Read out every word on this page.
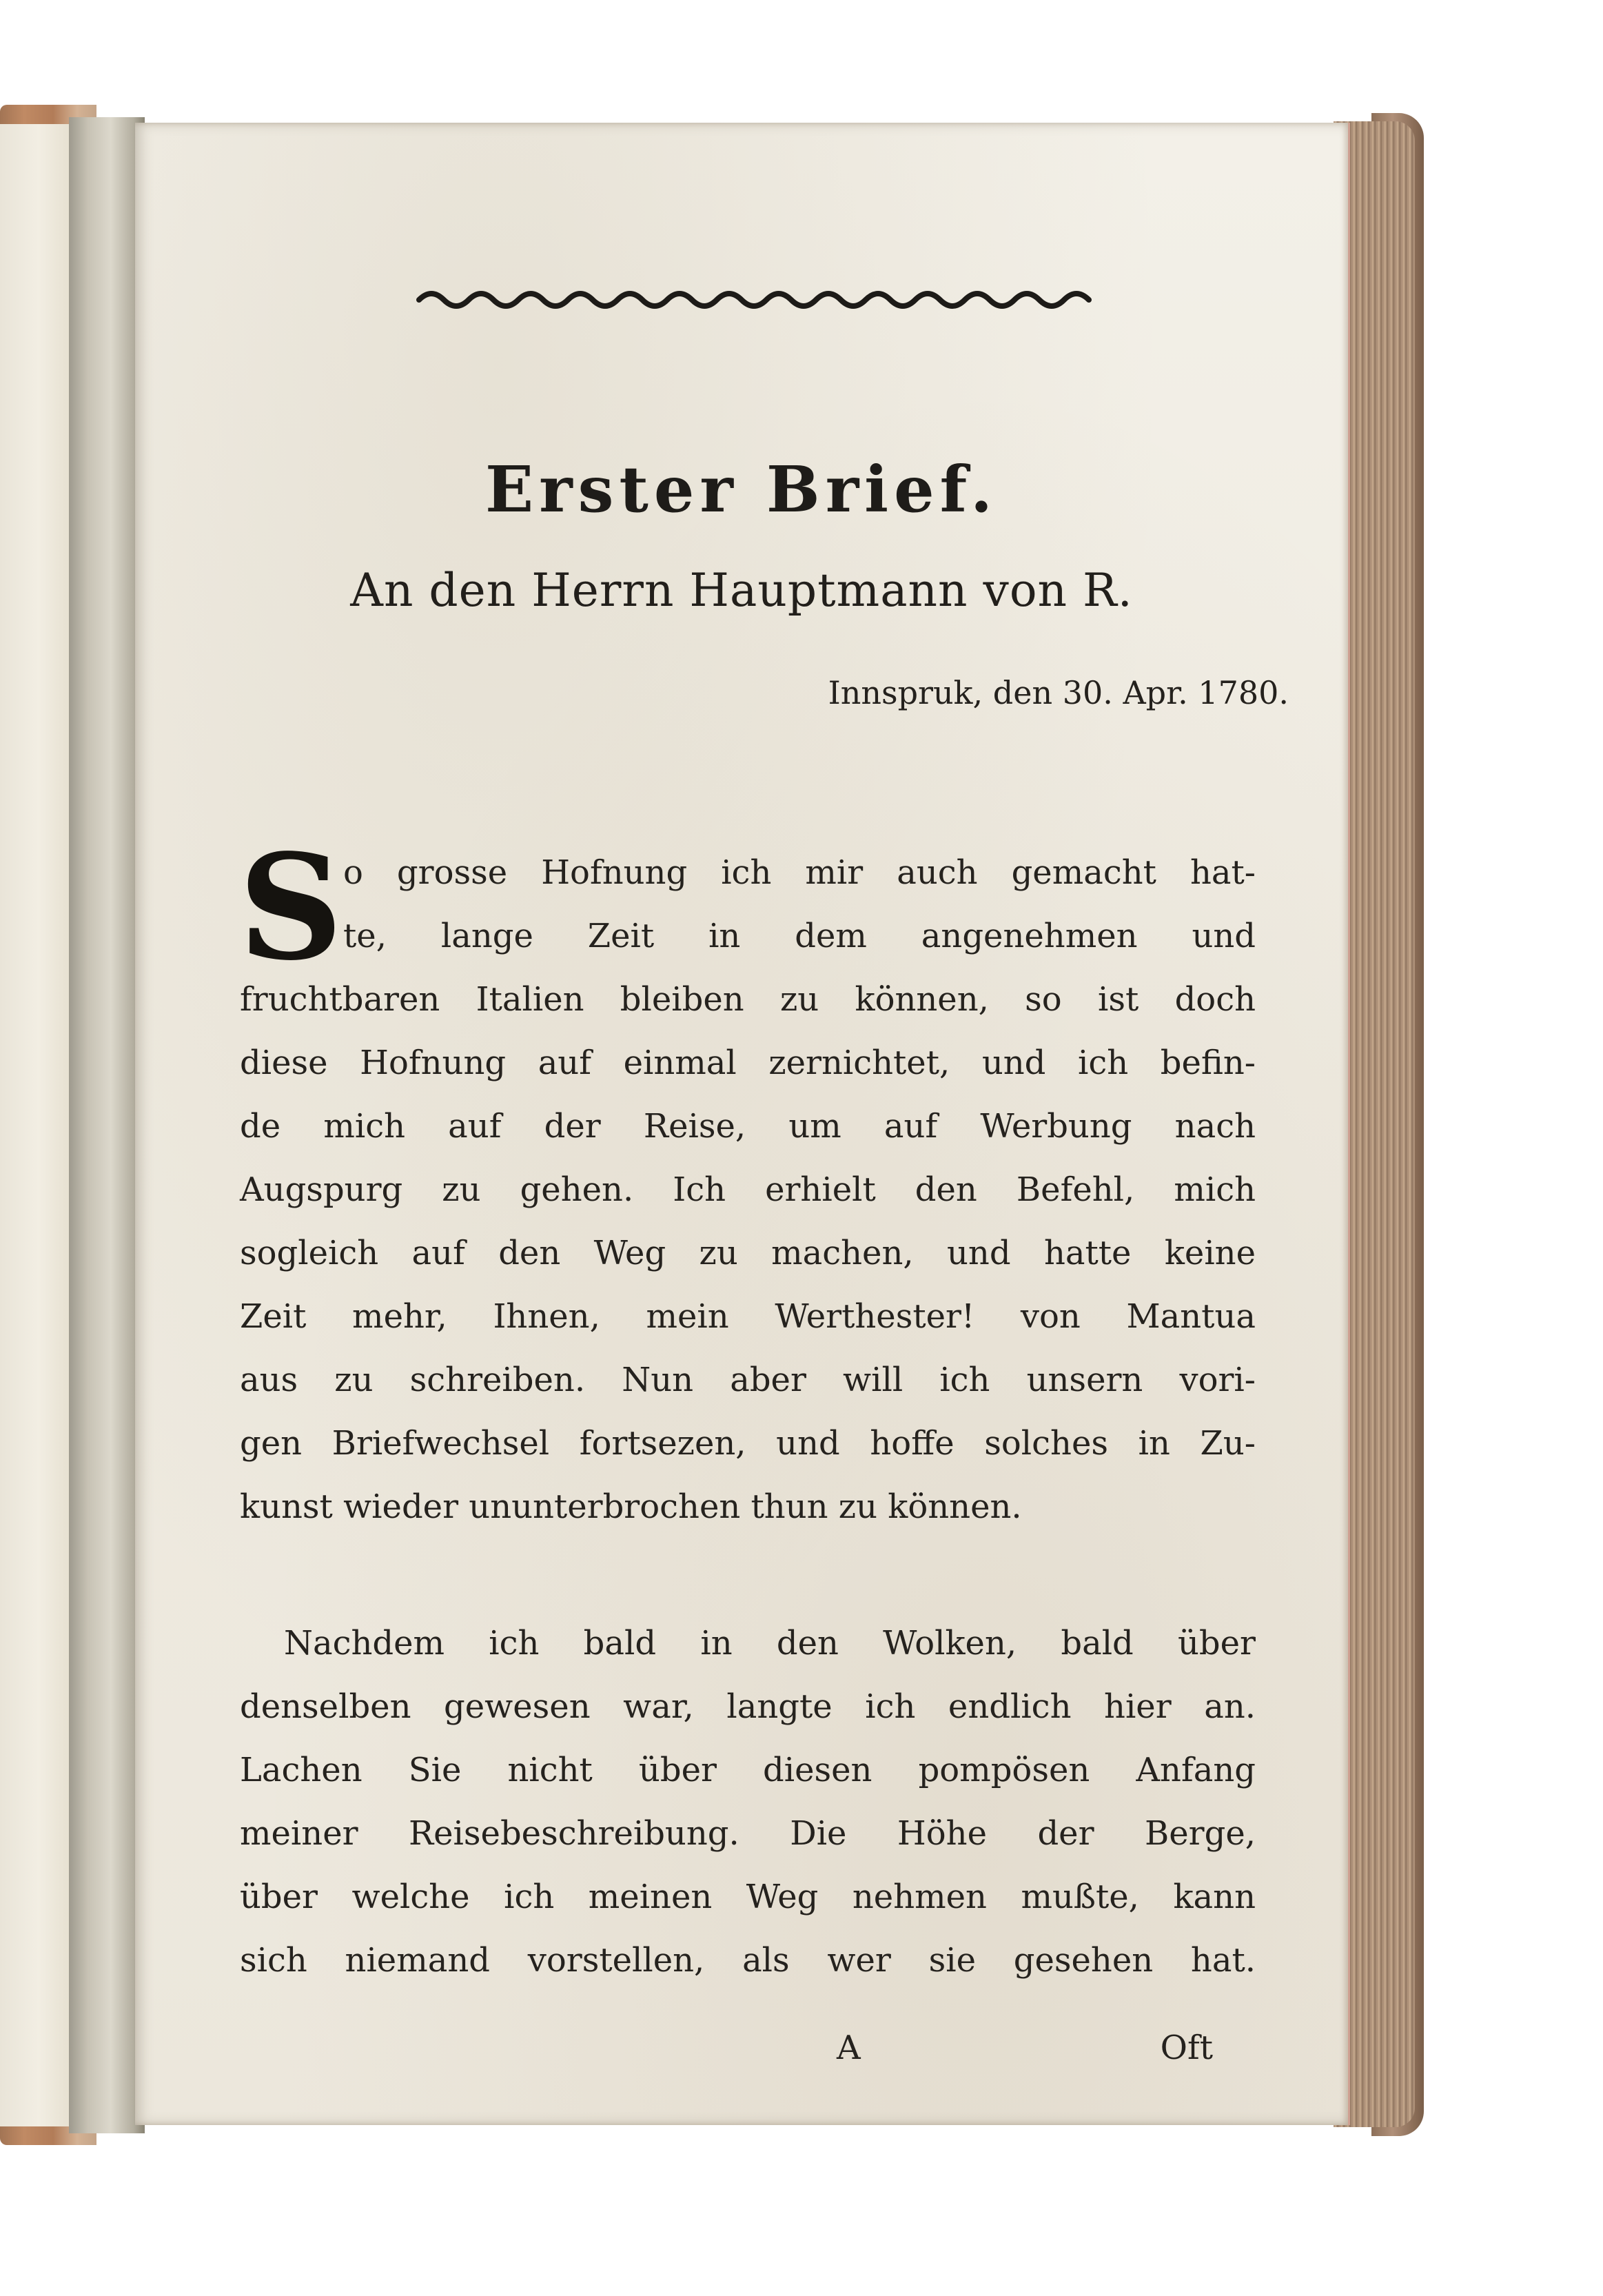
Erster Brief.

An den Herrn Hauptmann von R.

Innspruk, den 30. Apr. 1780.

S o grosse Hofnung ich mir auch gemacht hat-
te, lange Zeit in dem angenehmen und
fruchtbaren Italien bleiben zu können, so ist doch
diese Hofnung auf einmal zernichtet, und ich befin-
de mich auf der Reise, um auf Werbung nach
Augspurg zu gehen. Ich erhielt den Befehl, mich
sogleich auf den Weg zu machen, und hatte keine
Zeit mehr, Ihnen, mein Werthester! von Mantua
aus zu schreiben. Nun aber will ich unsern vori-
gen Briefwechsel fortsezen, und hoffe solches in Zu-
kunst wieder ununterbrochen thun zu können.
Nachdem ich bald in den Wolken, bald über
denselben gewesen war, langte ich endlich hier an.
Lachen Sie nicht über diesen pompösen Anfang
meiner Reisebeschreibung. Die Höhe der Berge,
über welche ich meinen Weg nehmen mußte, kann
sich niemand vorstellen, als wer sie gesehen hat.

A	Oft
